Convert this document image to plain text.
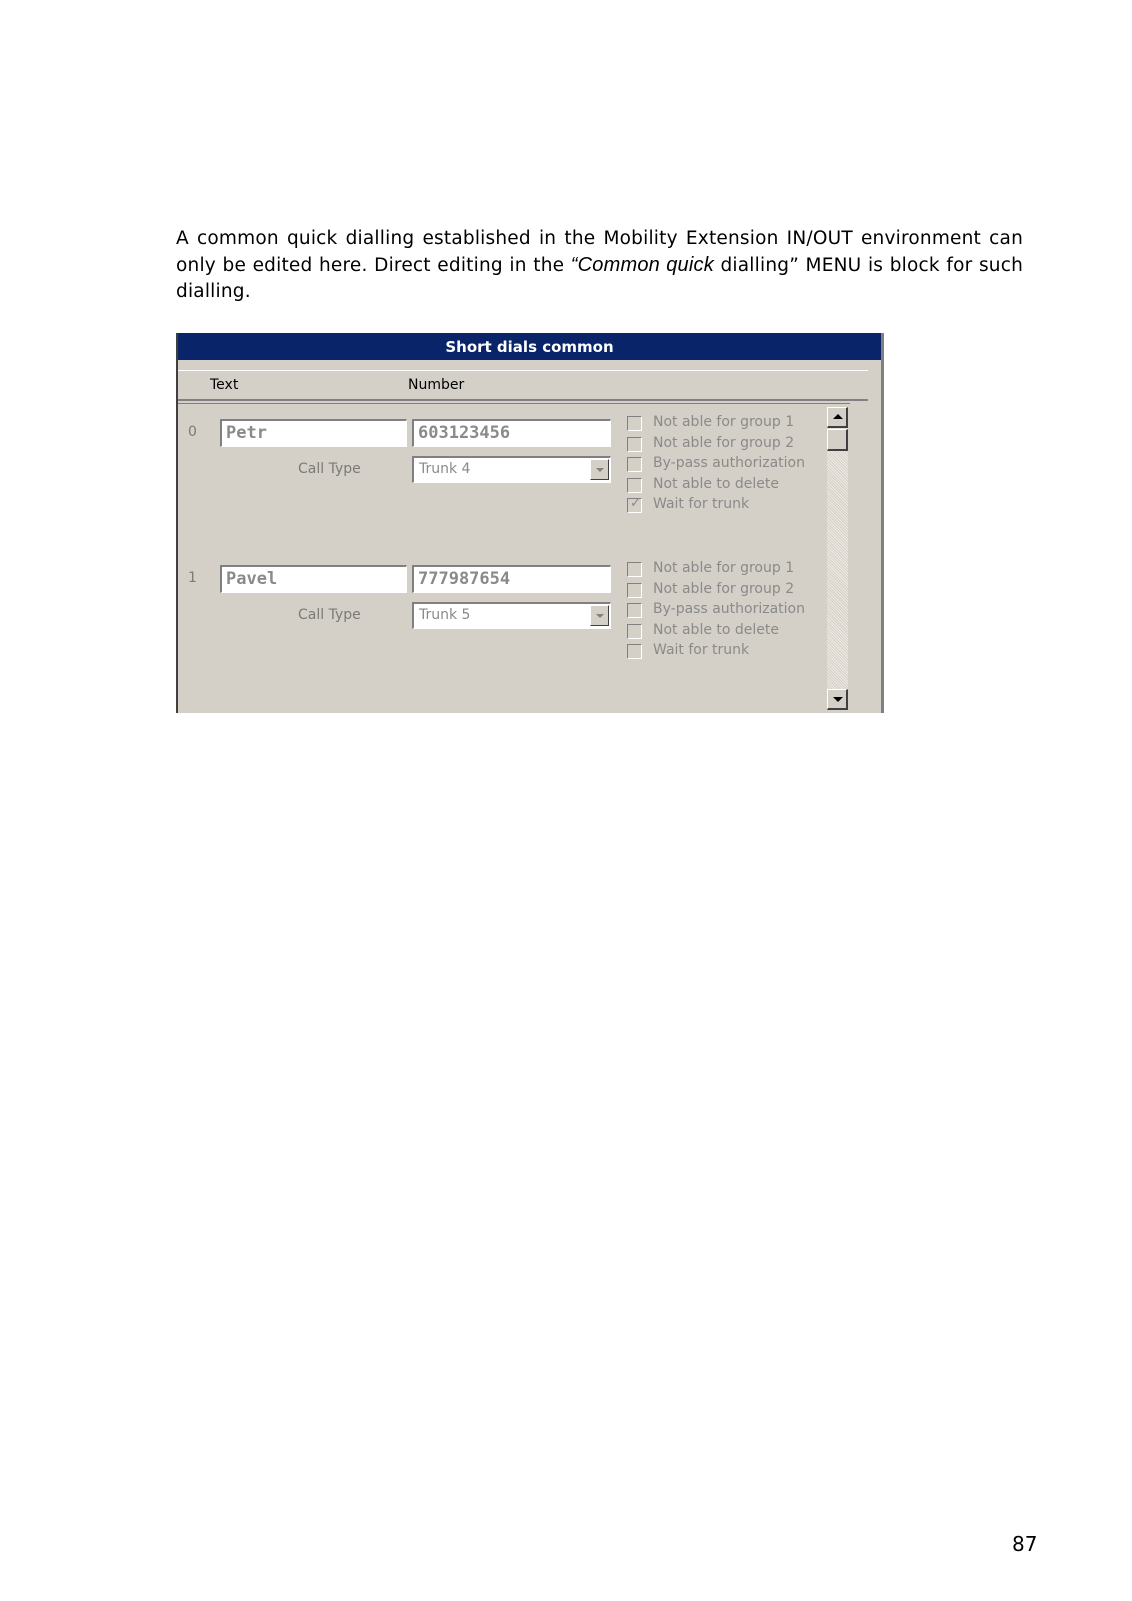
A common quick dialling established in the Mobility Extension IN/OUT environment can only be edited here. Direct editing in the “Common quick dialling” MENU is block for such dialling.
Short dials common
Text	Number
0	Petr	603123456
Call Type	Trunk 4
Not able for group 1
Not able for group 2
By-pass authorization
Not able to delete
✓
Wait for trunk
1	Pavel	777987654
Call Type	Trunk 5
Not able for group 1
Not able for group 2
By-pass authorization
Not able to delete
Wait for trunk
87
